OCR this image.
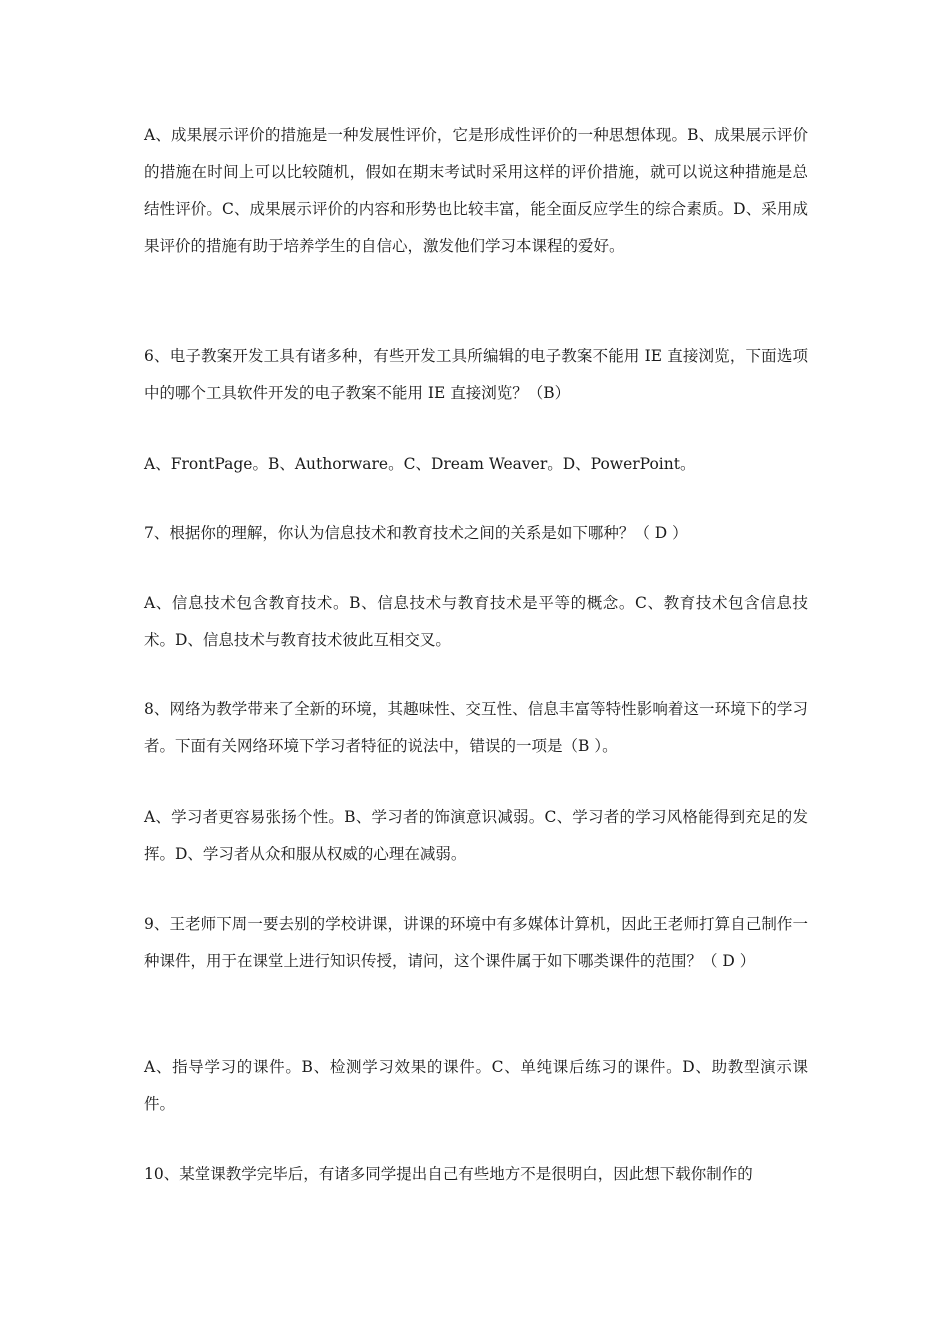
A、成果展示评价的措施是一种发展性评价，它是形成性评价的一种思想体现。B、成果展示评价的措施在时间上可以比较随机，假如在期末考试时采用这样的评价措施，就可以说这种措施是总结性评价。C、成果展示评价的内容和形势也比较丰富，能全面反应学生的综合素质。D、采用成果评价的措施有助于培养学生的自信心，激发他们学习本课程的爱好。

6、电子教案开发工具有诸多种，有些开发工具所编辑的电子教案不能用 IE 直接浏览，下面选项中的哪个工具软件开发的电子教案不能用 IE 直接浏览？（B）

A、FrontPage。B、Authorware。C、Dream Weaver。D、PowerPoint。

7、根据你的理解，你认为信息技术和教育技术之间的关系是如下哪种？（ D ）

A、信息技术包含教育技术。B、信息技术与教育技术是平等的概念。C、教育技术包含信息技术。D、信息技术与教育技术彼此互相交叉。

8、网络为教学带来了全新的环境，其趣味性、交互性、信息丰富等特性影响着这一环境下的学习者。下面有关网络环境下学习者特征的说法中，错误的一项是（B ）。

A、学习者更容易张扬个性。B、学习者的饰演意识减弱。C、学习者的学习风格能得到充足的发挥。D、学习者从众和服从权威的心理在减弱。

9、王老师下周一要去别的学校讲课，讲课的环境中有多媒体计算机，因此王老师打算自己制作一种课件，用于在课堂上进行知识传授，请问，这个课件属于如下哪类课件的范围？（ D ）

A、指导学习的课件。B、检测学习效果的课件。C、单纯课后练习的课件。D、助教型演示课件。

10、某堂课教学完毕后，有诸多同学提出自己有些地方不是很明白，因此想下载你制作的
